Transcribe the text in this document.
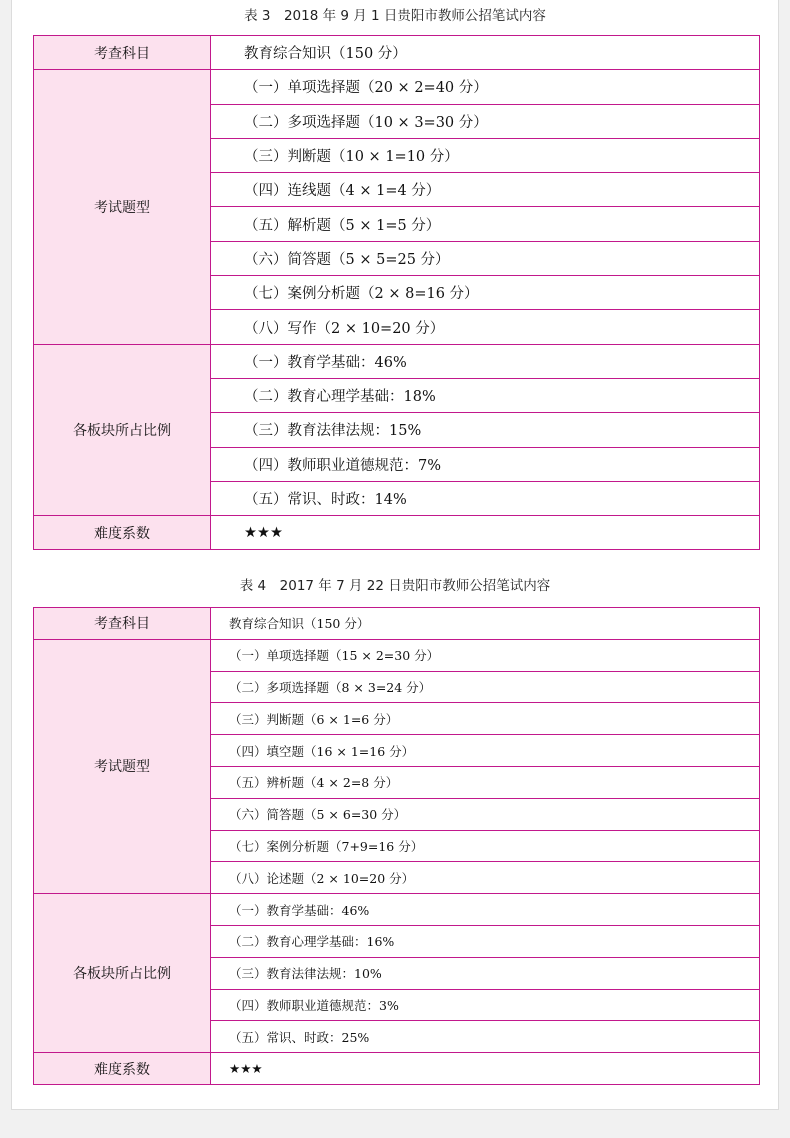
表 3　2018 年 9 月 1 日贵阳市教师公招笔试内容
考查科目	教育综合知识（150 分）
考试题型	（一）单项选择题（20 × 2=40 分）
	（二）多项选择题（10 × 3=30 分）
	（三）判断题（10 × 1=10 分）
	（四）连线题（4 × 1=4 分）
	（五）解析题（5 × 1=5 分）
	（六）简答题（5 × 5=25 分）
	（七）案例分析题（2 × 8=16 分）
	（八）写作（2 × 10=20 分）
各板块所占比例	（一）教育学基础：46%
	（二）教育心理学基础：18%
	（三）教育法律法规：15%
	（四）教师职业道德规范：7%
	（五）常识、时政：14%
难度系数	★★★
表 4　2017 年 7 月 22 日贵阳市教师公招笔试内容
考查科目	教育综合知识（150 分）
考试题型	（一）单项选择题（15 × 2=30 分）
	（二）多项选择题（8 × 3=24 分）
	（三）判断题（6 × 1=6 分）
	（四）填空题（16 × 1=16 分）
	（五）辨析题（4 × 2=8 分）
	（六）简答题（5 × 6=30 分）
	（七）案例分析题（7+9=16 分）
	（八）论述题（2 × 10=20 分）
各板块所占比例	（一）教育学基础：46%
	（二）教育心理学基础：16%
	（三）教育法律法规：10%
	（四）教师职业道德规范：3%
	（五）常识、时政：25%
难度系数	★★★
